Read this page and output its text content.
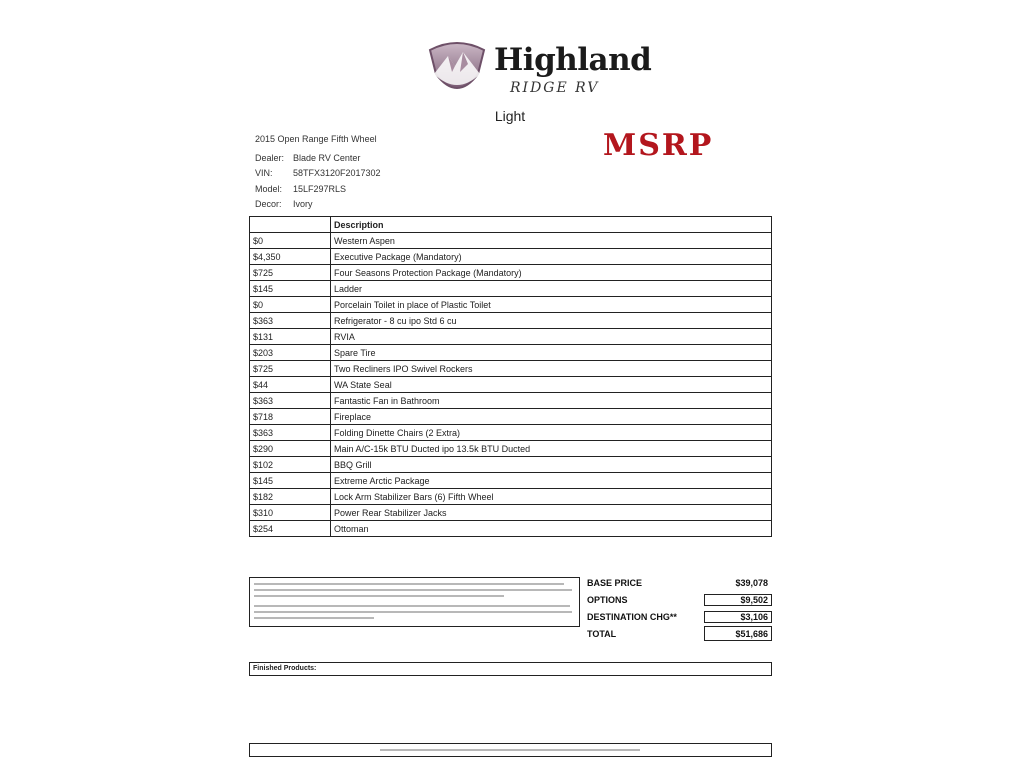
Highland
RIDGE RV
Light
MSRP
2015 Open Range Fifth Wheel
Dealer: Blade RV Center
VIN:	58TFX3120F2017302
Model:	15LF297RLS
Decor:	Ivory
	Description
$0	Western Aspen
$4,350	Executive Package (Mandatory)
$725	Four Seasons Protection Package (Mandatory)
$145	Ladder
$0	Porcelain Toilet in place of Plastic Toilet
$363	Refrigerator - 8 cu ipo Std 6 cu
$131	RVIA
$203	Spare Tire
$725	Two Recliners IPO Swivel Rockers
$44	WA State Seal
$363	Fantastic Fan in Bathroom
$718	Fireplace
$363	Folding Dinette Chairs (2 Extra)
$290	Main A/C-15k BTU Ducted ipo 13.5k BTU Ducted
$102	BBQ Grill
$145	Extreme Arctic Package
$182	Lock Arm Stabilizer Bars (6) Fifth Wheel
$310	Power Rear Stabilizer Jacks
$254	Ottoman
BASE PRICE	$39,078
OPTIONS	$9,502
DESTINATION CHG**	$3,106
TOTAL	$51,686
Finished Products:
